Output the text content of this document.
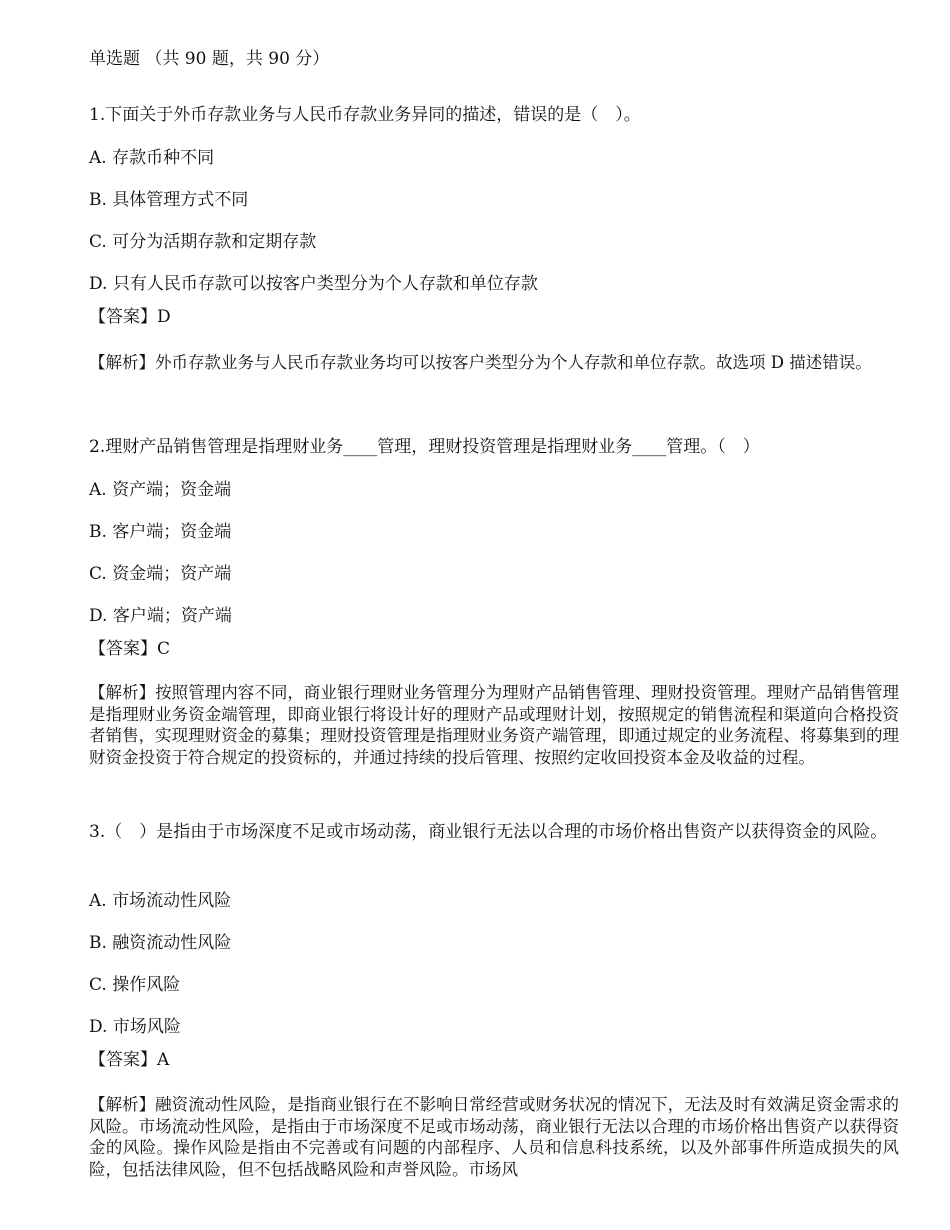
单选题 （共 90 题，共 90 分）
1.下面关于外币存款业务与人民币存款业务异同的描述，错误的是（　）。
A. 存款币种不同
B. 具体管理方式不同
C. 可分为活期存款和定期存款
D. 只有人民币存款可以按客户类型分为个人存款和单位存款
【答案】D
【解析】外币存款业务与人民币存款业务均可以按客户类型分为个人存款和单位存款。故选项 D 描述错误。
2.理财产品销售管理是指理财业务____管理，理财投资管理是指理财业务____管理。（　）
A. 资产端；资金端
B. 客户端；资金端
C. 资金端；资产端
D. 客户端；资产端
【答案】C
【解析】按照管理内容不同，商业银行理财业务管理分为理财产品销售管理、理财投资管理。理财产品销售管理是指理财业务资金端管理，即商业银行将设计好的理财产品或理财计划，按照规定的销售流程和渠道向合格投资者销售，实现理财资金的募集；理财投资管理是指理财业务资产端管理，即通过规定的业务流程、将募集到的理财资金投资于符合规定的投资标的，并通过持续的投后管理、按照约定收回投资本金及收益的过程。
3.（　）是指由于市场深度不足或市场动荡，商业银行无法以合理的市场价格出售资产以获得资金的风险。
A. 市场流动性风险
B. 融资流动性风险
C. 操作风险
D. 市场风险
【答案】A
【解析】融资流动性风险，是指商业银行在不影响日常经营或财务状况的情况下，无法及时有效满足资金需求的风险。市场流动性风险，是指由于市场深度不足或市场动荡，商业银行无法以合理的市场价格出售资产以获得资金的风险。操作风险是指由不完善或有问题的内部程序、人员和信息科技系统，以及外部事件所造成损失的风险，包括法律风险，但不包括战略风险和声誉风险。市场风
